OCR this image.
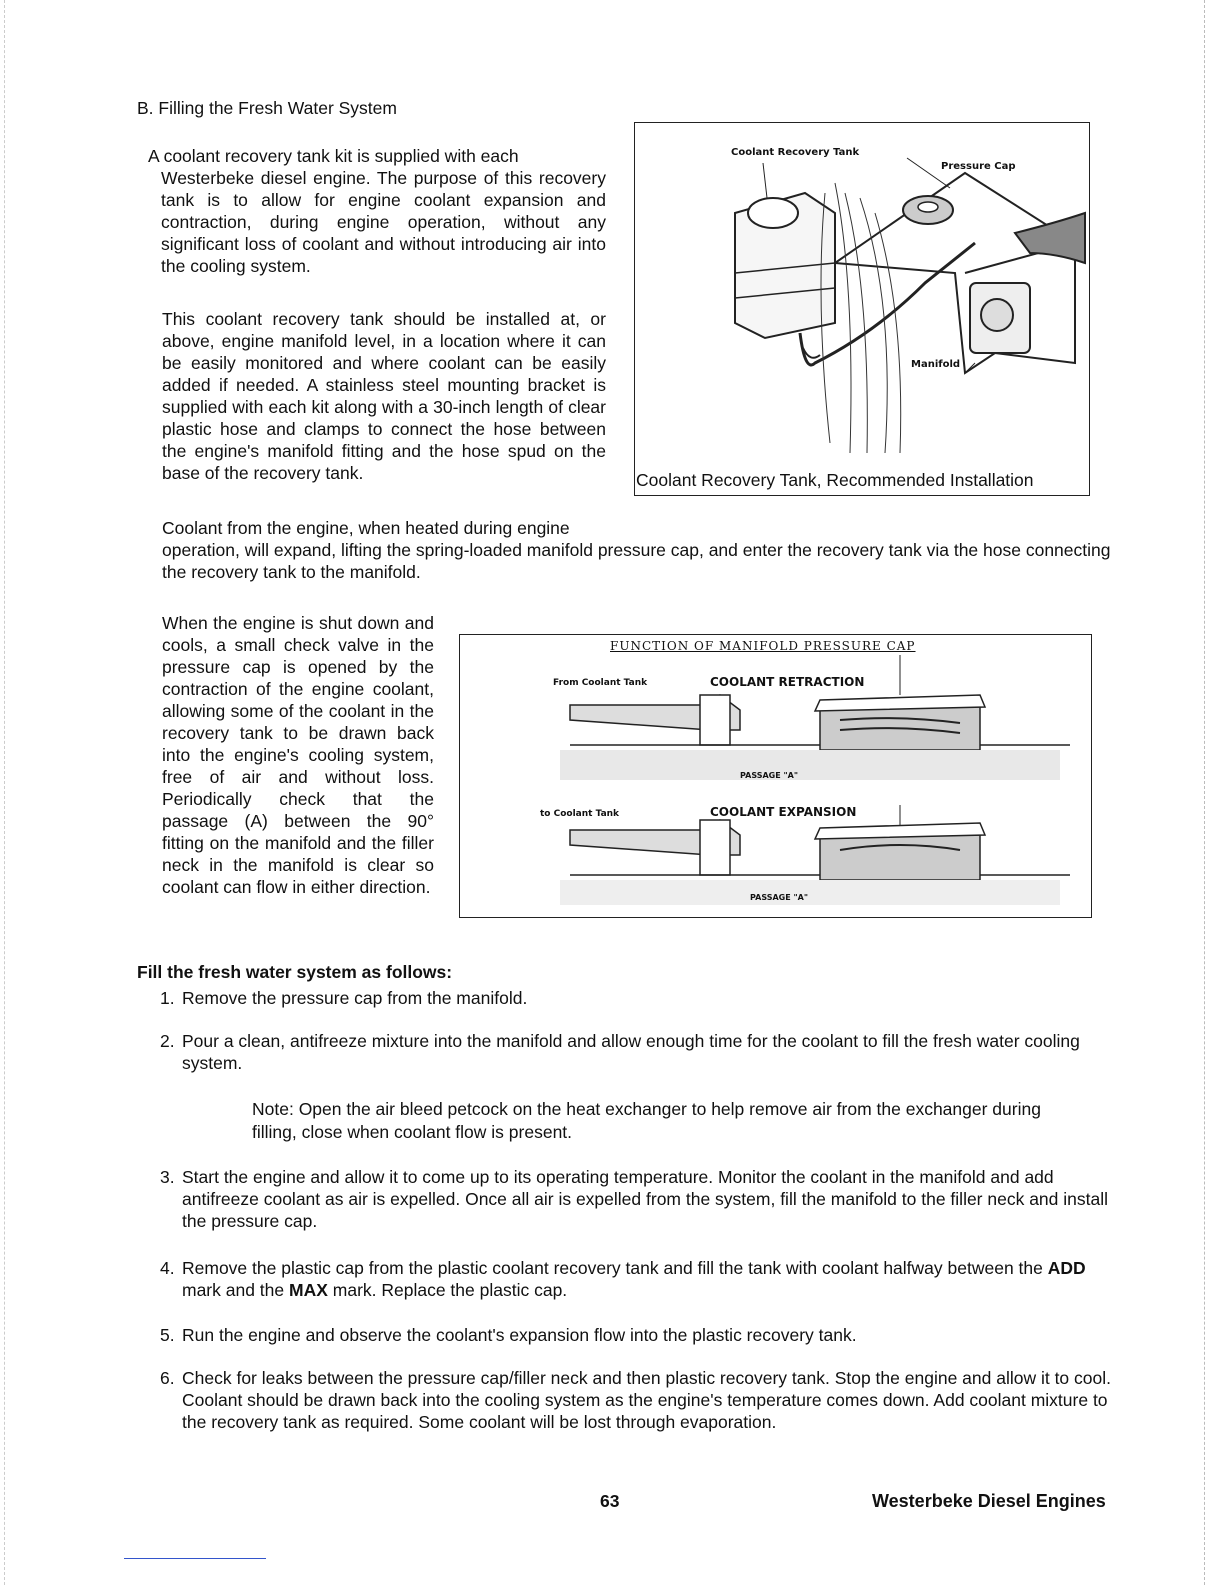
B. Filling the Fresh Water System

A coolant recovery tank kit is supplied with each
Westerbeke diesel engine. The purpose of this recovery tank is to allow for engine coolant expansion and contraction, during engine operation, without any significant loss of coolant and without introducing air into the cooling system.

This coolant recovery tank should be installed at, or above, engine manifold level, in a location where it can be easily monitored and where coolant can be easily added if needed. A stainless steel mounting bracket is supplied with each kit along with a 30-inch length of clear plastic hose and clamps to connect the hose between the engine's manifold fitting and the hose spud on the base of the recovery tank.

Coolant Recovery Tank
Pressure Cap
Manifold
Coolant Recovery Tank, Recommended Installation

Coolant from the engine, when heated during engine
operation, will expand, lifting the spring-loaded manifold pressure cap, and enter the recovery tank via the hose connecting the recovery tank to the manifold.

When the engine is shut down and cools, a small check valve in the pressure cap is opened by the contraction of the engine coolant, allowing some of the coolant in the recovery tank to be drawn back into the engine's cooling system, free of air and without loss. Periodically check that the passage (A) between the 90° fitting on the manifold and the filler neck in the manifold is clear so coolant can flow in either direction.

FUNCTION OF MANIFOLD PRESSURE CAP
From Coolant Tank	COOLANT RETRACTION
PASSAGE "A"
to Coolant Tank	COOLANT EXPANSION
PASSAGE "A"

Fill the fresh water system as follows:

1. Remove the pressure cap from the manifold.
2. Pour a clean, antifreeze mixture into the manifold and allow enough time for the coolant to fill the fresh water cooling system.
Note: Open the air bleed petcock on the heat exchanger to help remove air from the exchanger during filling, close when coolant flow is present.
3. Start the engine and allow it to come up to its operating temperature. Monitor the coolant in the manifold and add antifreeze coolant as air is expelled. Once all air is expelled from the system, fill the manifold to the filler neck and install the pressure cap.
4. Remove the plastic cap from the plastic coolant recovery tank and fill the tank with coolant halfway between the ADD mark and the MAX mark. Replace the plastic cap.
5. Run the engine and observe the coolant's expansion flow into the plastic recovery tank.
6. Check for leaks between the pressure cap/filler neck and then plastic recovery tank. Stop the engine and allow it to cool. Coolant should be drawn back into the cooling system as the engine's temperature comes down. Add coolant mixture to the recovery tank as required. Some coolant will be lost through evaporation.
63	Westerbeke Diesel Engines
